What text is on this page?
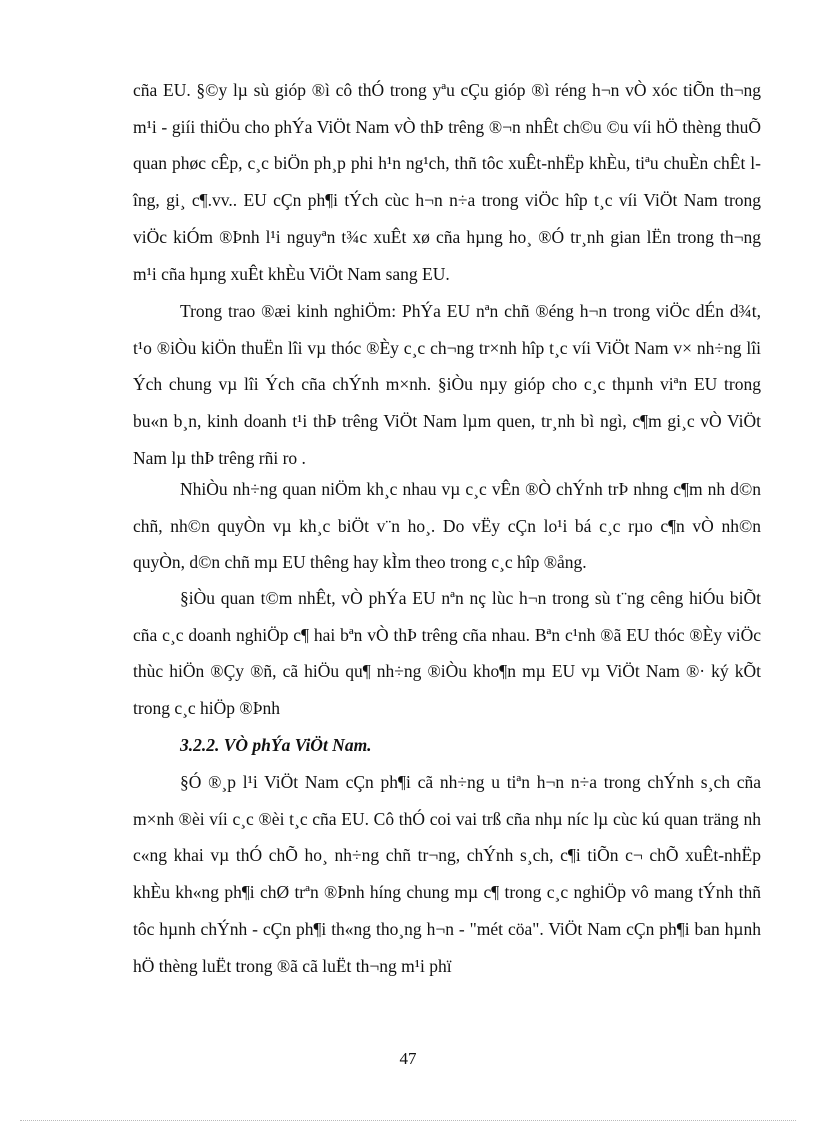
cña EU. §©y lµ sù gióp ®ì cô thÓ trong yªu cÇu gióp ®ì réng h¬n vÒ xóc tiÕn th¬ng m¹i - giíi thiÖu cho phÝa ViÖt Nam vÒ thÞ trêng ®¬n nhÊt ch©u ©u víi hÖ thèng thuÕ quan phøc cÊp, c¸c biÖn ph¸p phi h¹n ng¹ch, thñ tôc xuÊt-nhËp khÈu, tiªu chuÈn chÊt lîng, gi¸ c¶.vv.. EU cÇn ph¶i tÝch cùc h¬n n÷a trong viÖc hîp t¸c víi ViÖt Nam trong viÖc kiÓm ®Þnh l¹i nguyªn t¾c xuÊt xø cña hµng ho¸ ®Ó tr¸nh gian lËn trong th¬ng m¹i cña hµng xuÊt khÈu ViÖt Nam sang EU.
Trong trao ®æi kinh nghiÖm: PhÝa EU nªn chñ ®éng h¬n trong viÖc dÉn d¾t, t¹o ®iÒu kiÖn thuËn lîi vµ thóc ®Èy c¸c ch¬ng tr×nh hîp t¸c víi ViÖt Nam v× nh÷ng lîi Ých chung vµ lîi Ých cña chÝnh m×nh. §iÒu nµy gióp cho c¸c thµnh viªn EU trong bu«n b¸n, kinh doanh t¹i thÞ trêng ViÖt Nam lµm quen, tr¸nh bì ngì, c¶m gi¸c vÒ ViÖt Nam lµ thÞ trêng rñi ro .
NhiÒu nh÷ng quan niÖm kh¸c nhau vµ c¸c vÊn ®Ò chÝnh trÞ nhng c¶m nh d©n chñ, nh©n quyÒn vµ kh¸c biÖt v¨n ho¸. Do vËy cÇn lo¹i bá c¸c rµo c¶n vÒ nh©n quyÒn, d©n chñ mµ EU thêng hay kÌm theo trong c¸c hîp ®ång.
§iÒu quan t©m nhÊt, vÒ phÝa EU nªn nç lùc h¬n trong sù t¨ng cêng hiÓu biÕt cña c¸c doanh nghiÖp c¶ hai bªn vÒ thÞ trêng cña nhau. Bªn c¹nh ®ã EU thóc ®Èy viÖc thùc hiÖn ®Çy ®ñ, cã hiÖu qu¶ nh÷ng ®iÒu kho¶n mµ EU vµ ViÖt Nam ®· ký kÕt trong c¸c hiÖp ®Þnh
3.2.2. VÒ phÝa ViÖt Nam.
§Ó ®¸p l¹i ViÖt Nam cÇn ph¶i cã nh÷ng u tiªn h¬n n÷a trong chÝnh s¸ch cña m×nh ®èi víi c¸c ®èi t¸c cña EU. Cô thÓ coi vai trß cña nhµ níc lµ cùc kú quan träng nh c«ng khai vµ thÓ chÕ ho¸ nh÷ng chñ tr¬ng, chÝnh s¸ch, c¶i tiÕn c¬ chÕ xuÊt-nhËp khÈu kh«ng ph¶i chØ trªn ®Þnh híng chung mµ c¶ trong c¸c nghiÖp vô mang tÝnh thñ tôc hµnh chÝnh - cÇn ph¶i th«ng tho¸ng h¬n - "mét cöa". ViÖt Nam cÇn ph¶i ban hµnh hÖ thèng luËt trong ®ã cã luËt th¬ng m¹i phï
47
